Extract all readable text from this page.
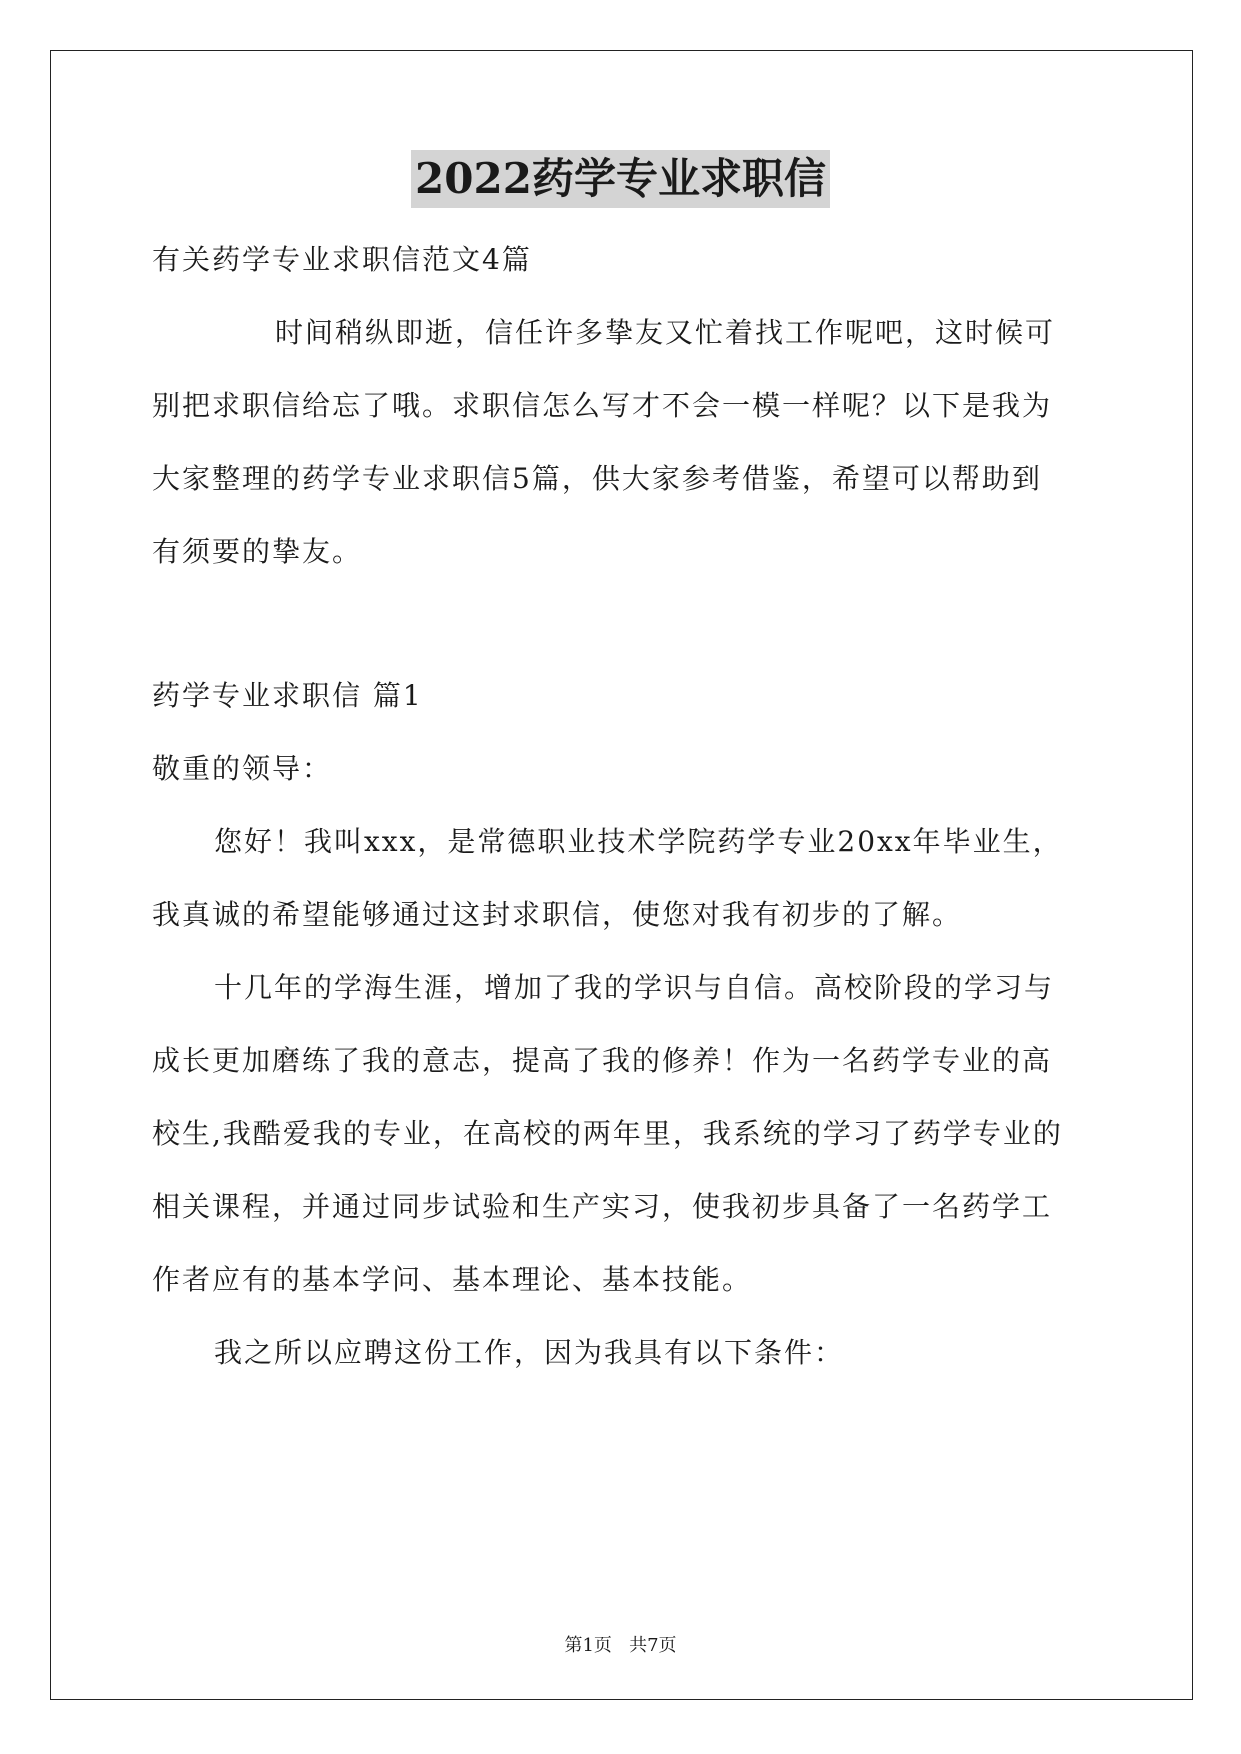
2022药学专业求职信
有关药学专业求职信范文4篇
时间稍纵即逝，信任许多挚友又忙着找工作呢吧，这时候可
别把求职信给忘了哦。求职信怎么写才不会一模一样呢？以下是我为
大家整理的药学专业求职信5篇，供大家参考借鉴，希望可以帮助到
有须要的挚友。
药学专业求职信 篇1
敬重的领导：
您好！我叫xxx，是常德职业技术学院药学专业20xx年毕业生，
我真诚的希望能够通过这封求职信，使您对我有初步的了解。
十几年的学海生涯，增加了我的学识与自信。高校阶段的学习与
成长更加磨练了我的意志，提高了我的修养！作为一名药学专业的高
校生,我酷爱我的专业，在高校的两年里，我系统的学习了药学专业的
相关课程，并通过同步试验和生产实习，使我初步具备了一名药学工
作者应有的基本学问、基本理论、基本技能。
我之所以应聘这份工作，因为我具有以下条件：
第1页   共7页
